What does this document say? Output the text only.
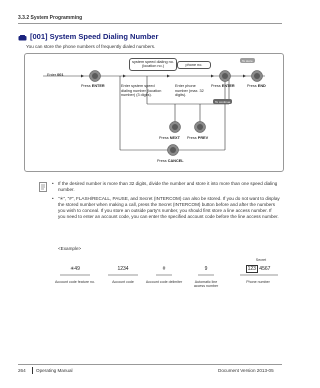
3.3.2 System Programming
[001] System Speed Dialing Number
You can store the phone numbers of frequently dialed numbers.
system speed dialing no. (location no.)	phone no.
To store
Enter 001
Press ENTER	Enter system speed dialing number (location number) (3 digits).
Enter phone number (max. 32 digits).
Press ENTER	Press END
To continue
Press NEXT Press PREV
Press CANCEL
• If the desired number is more than 32 digits, divide the number and store it into more than one speed dialing number.
• "✳", "#", FLASH/RECALL, PAUSE, and Secret (INTERCOM) can also be stored. If you do not want to display the stored number when making a call, press the Secret (INTERCOM) button before and after the numbers you wish to conceal. If you store an outside party's number, you should first store a line access number. If you need to enter an account code, you can enter the specified account code before the line access number.
<Example>
Secret
✳49	1234	#	9	123 4567
Account code feature no.	Account code	Account code delimiter	Automatic line access number
Phone number
264 Operating Manual	Document Version 2013-05
